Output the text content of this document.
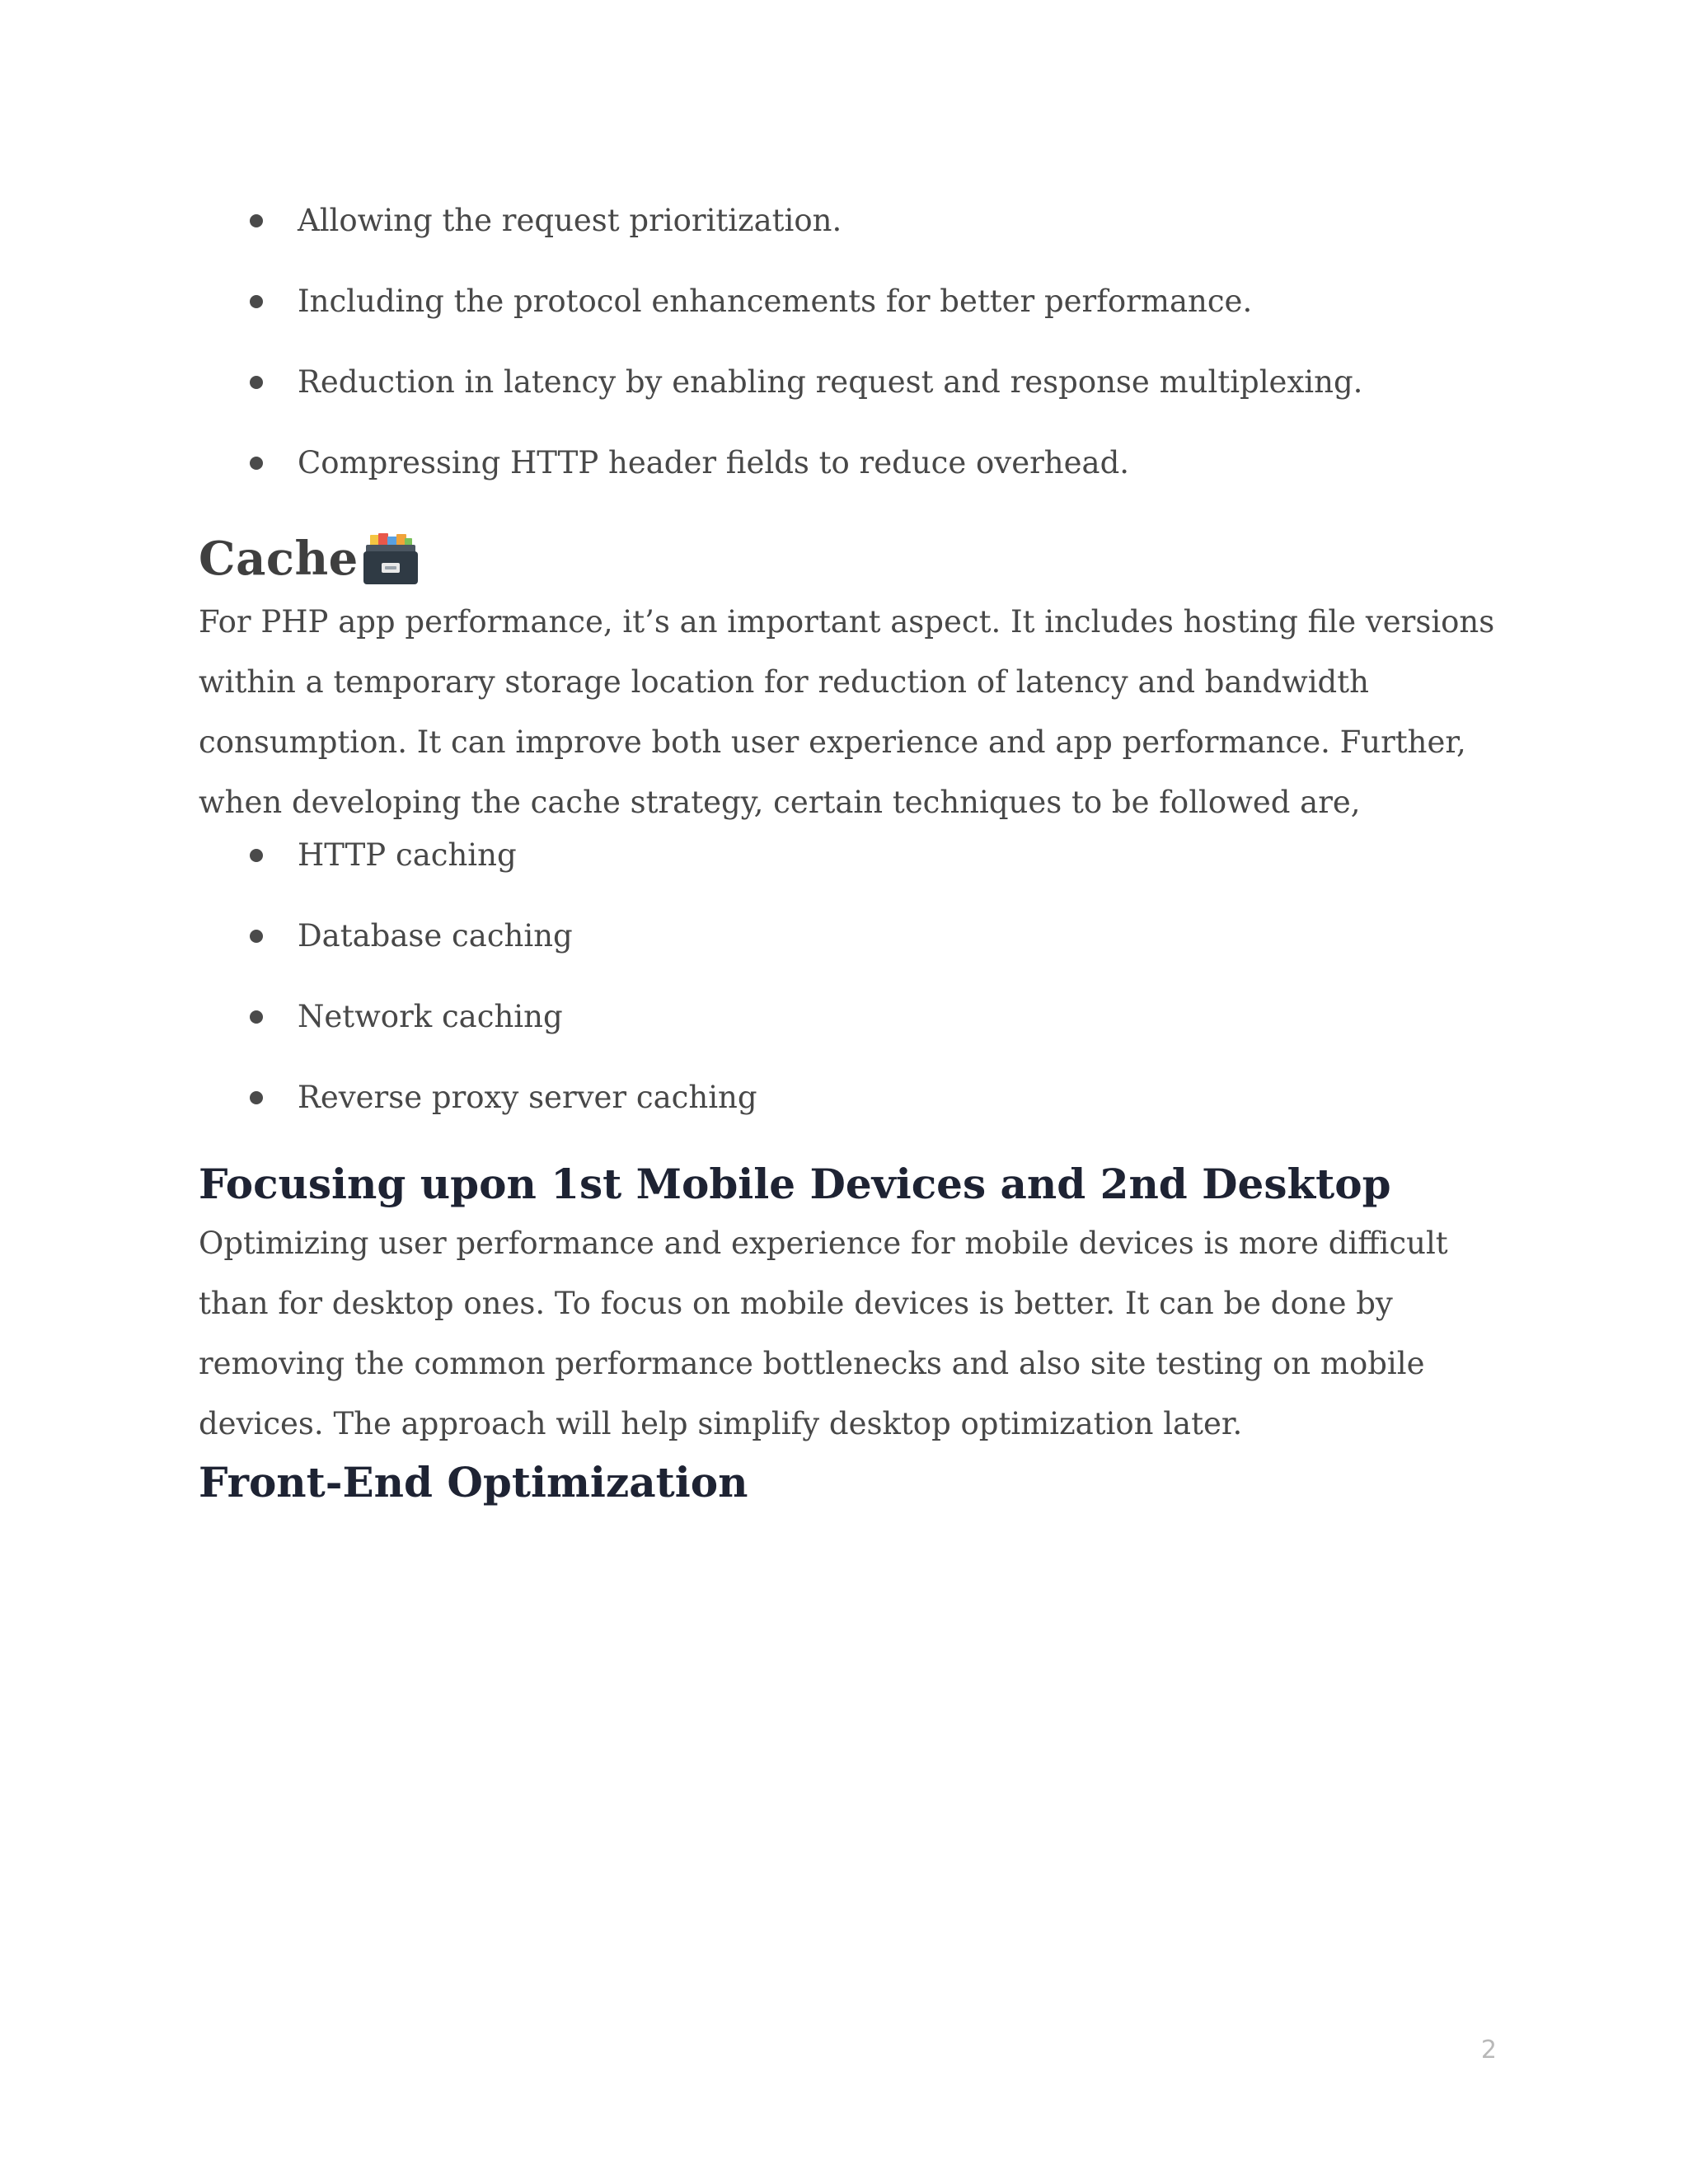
Allowing the request prioritization.
Including the protocol enhancements for better performance.
Reduction in latency by enabling request and response multiplexing.
Compressing HTTP header fields to reduce overhead.
Cache

For PHP app performance, it’s an important aspect. It includes hosting file versions within a temporary storage location for reduction of latency and bandwidth consumption. It can improve both user experience and app performance. Further, when developing the cache strategy, certain techniques to be followed are,

HTTP caching
Database caching
Network caching
Reverse proxy server caching
Focusing upon 1st Mobile Devices and 2nd Desktop

Optimizing user performance and experience for mobile devices is more difficult than for desktop ones. To focus on mobile devices is better. It can be done by removing the common performance bottlenecks and also site testing on mobile devices. The approach will help simplify desktop optimization later.

Front-End Optimization
2
